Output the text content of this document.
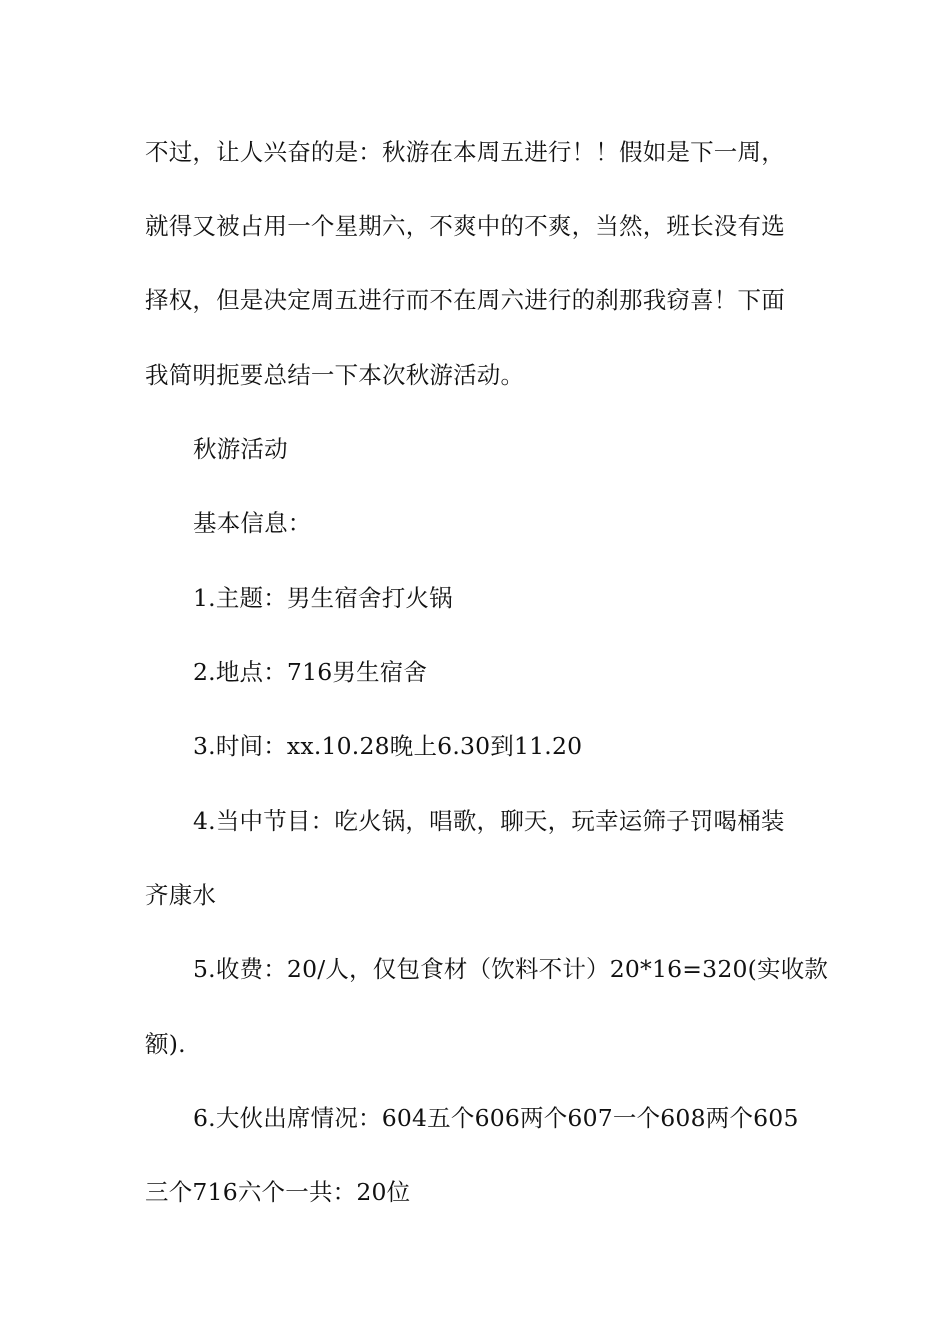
不过，让人兴奋的是：秋游在本周五进行！！假如是下一周，
就得又被占用一个星期六，不爽中的不爽，当然，班长没有选
择权，但是决定周五进行而不在周六进行的刹那我窃喜！下面
我简明扼要总结一下本次秋游活动。
秋游活动
基本信息：
1.主题：男生宿舍打火锅
2.地点：716男生宿舍
3.时间：xx.10.28晚上6.30到11.20
4.当中节目：吃火锅，唱歌，聊天，玩幸运筛子罚喝桶装
齐康水
5.收费：20/人，仅包食材（饮料不计）20*16=320(实收款
额).
6.大伙出席情况：604五个606两个607一个608两个605
三个716六个一共：20位
